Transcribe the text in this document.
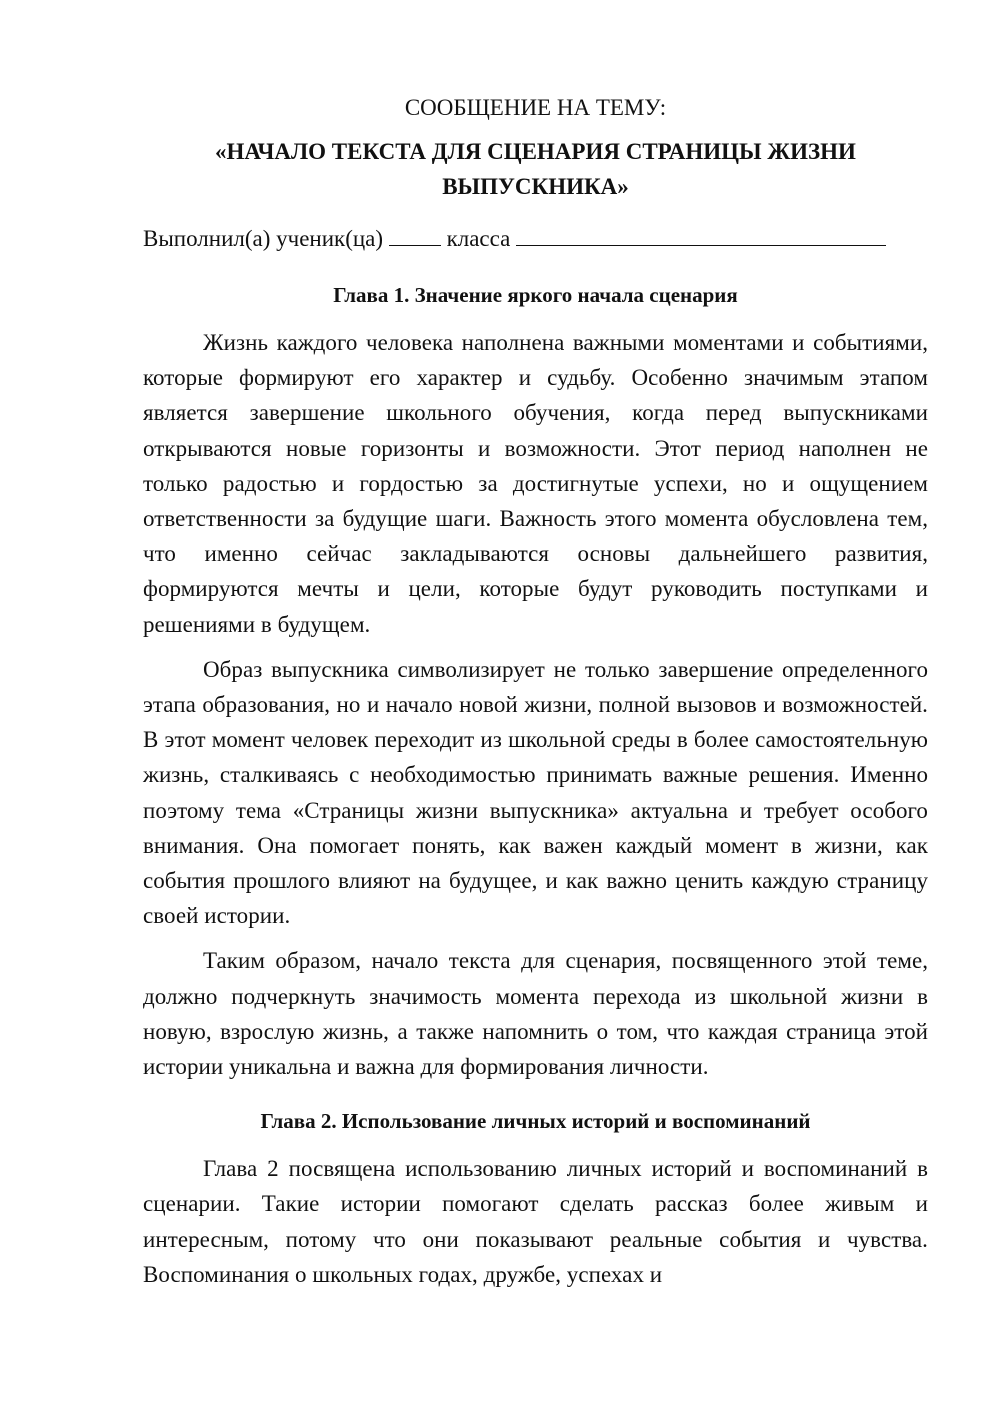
СООБЩЕНИЕ НА ТЕМУ:

«НАЧАЛО ТЕКСТА ДЛЯ СЦЕНАРИЯ СТРАНИЦЫ ЖИЗНИ ВЫПУСКНИКА»

Выполнил(а) ученик(ца)	класса

Глава 1. Значение яркого начала сценария

Жизнь каждого человека наполнена важными моментами и событиями, которые формируют его характер и судьбу. Особенно значимым этапом является завершение школьного обучения, когда перед выпускниками открываются новые горизонты и возможности. Этот период наполнен не только радостью и гордостью за достигнутые успехи, но и ощущением ответственности за будущие шаги. Важность этого момента обусловлена тем, что именно сейчас закладываются основы дальнейшего развития, формируются мечты и цели, которые будут руководить поступками и решениями в будущем.

Образ выпускника символизирует не только завершение определенного этапа образования, но и начало новой жизни, полной вызовов и возможностей. В этот момент человек переходит из школьной среды в более самостоятельную жизнь, сталкиваясь с необходимостью принимать важные решения. Именно поэтому тема «Страницы жизни выпускника» актуальна и требует особого внимания. Она помогает понять, как важен каждый момент в жизни, как события прошлого влияют на будущее, и как важно ценить каждую страницу своей истории.

Таким образом, начало текста для сценария, посвященного этой теме, должно подчеркнуть значимость момента перехода из школьной жизни в новую, взрослую жизнь, а также напомнить о том, что каждая страница этой истории уникальна и важна для формирования личности.

Глава 2. Использование личных историй и воспоминаний

Глава 2 посвящена использованию личных историй и воспоминаний в сценарии. Такие истории помогают сделать рассказ более живым и интересным, потому что они показывают реальные события и чувства. Воспоминания о школьных годах, дружбе, успехах и
